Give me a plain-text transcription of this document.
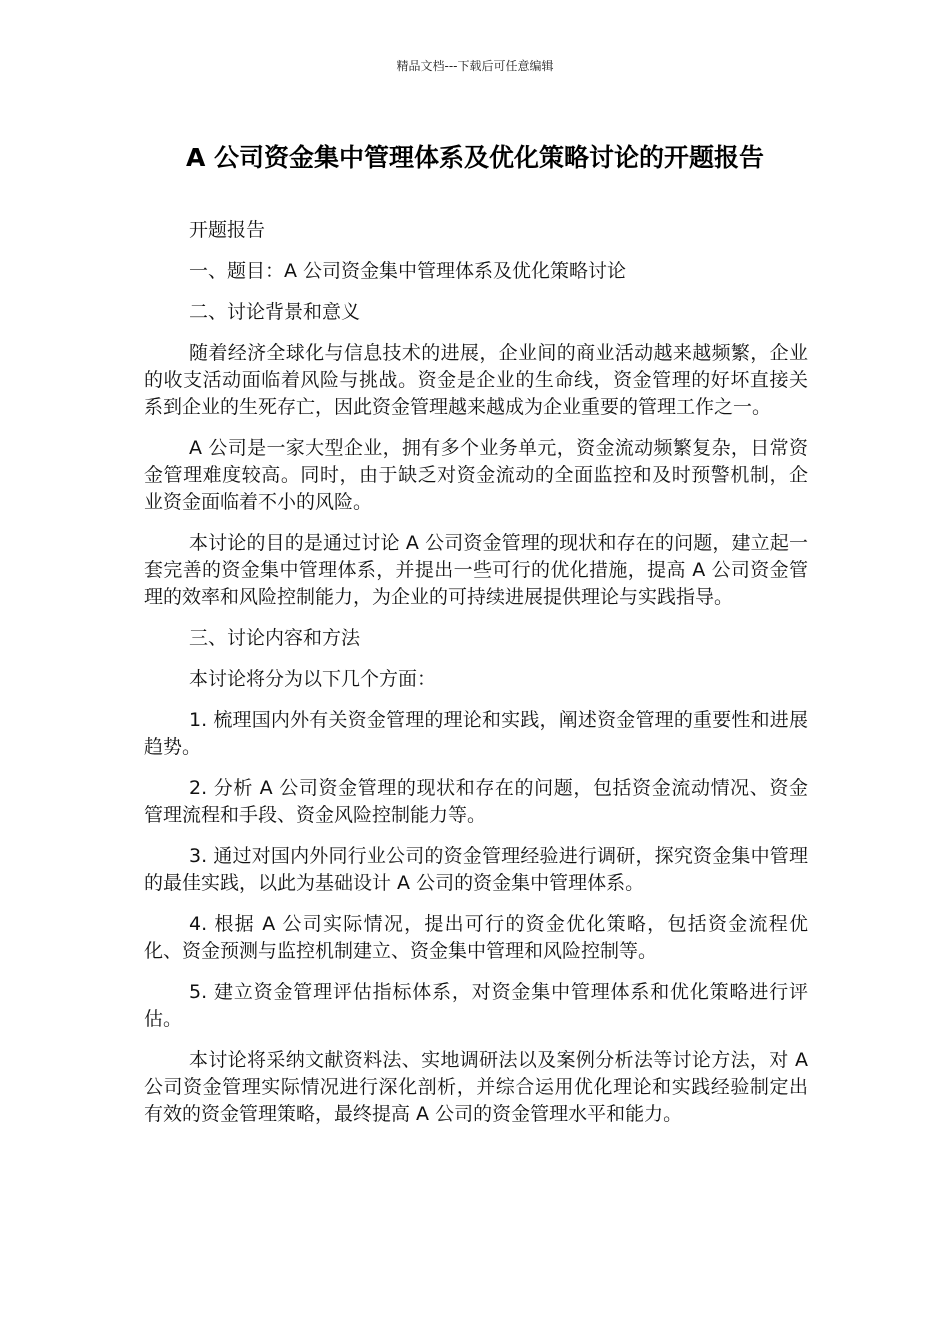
精品文档---下载后可任意编辑
A 公司资金集中管理体系及优化策略讨论的开题报告

开题报告

一、题目：A 公司资金集中管理体系及优化策略讨论

二、讨论背景和意义

随着经济全球化与信息技术的进展，企业间的商业活动越来越频繁，企业的收支活动面临着风险与挑战。资金是企业的生命线，资金管理的好坏直接关系到企业的生死存亡，因此资金管理越来越成为企业重要的管理工作之一。

A 公司是一家大型企业，拥有多个业务单元，资金流动频繁复杂，日常资金管理难度较高。同时，由于缺乏对资金流动的全面监控和及时预警机制，企业资金面临着不小的风险。

本讨论的目的是通过讨论 A 公司资金管理的现状和存在的问题，建立起一套完善的资金集中管理体系，并提出一些可行的优化措施，提高 A 公司资金管理的效率和风险控制能力，为企业的可持续进展提供理论与实践指导。

三、讨论内容和方法

本讨论将分为以下几个方面：

1. 梳理国内外有关资金管理的理论和实践，阐述资金管理的重要性和进展趋势。

2. 分析 A 公司资金管理的现状和存在的问题，包括资金流动情况、资金管理流程和手段、资金风险控制能力等。

3. 通过对国内外同行业公司的资金管理经验进行调研，探究资金集中管理的最佳实践，以此为基础设计 A 公司的资金集中管理体系。

4. 根据 A 公司实际情况，提出可行的资金优化策略，包括资金流程优化、资金预测与监控机制建立、资金集中管理和风险控制等。

5. 建立资金管理评估指标体系，对资金集中管理体系和优化策略进行评估。

本讨论将采纳文献资料法、实地调研法以及案例分析法等讨论方法，对 A 公司资金管理实际情况进行深化剖析，并综合运用优化理论和实践经验制定出有效的资金管理策略，最终提高 A 公司的资金管理水平和能力。
